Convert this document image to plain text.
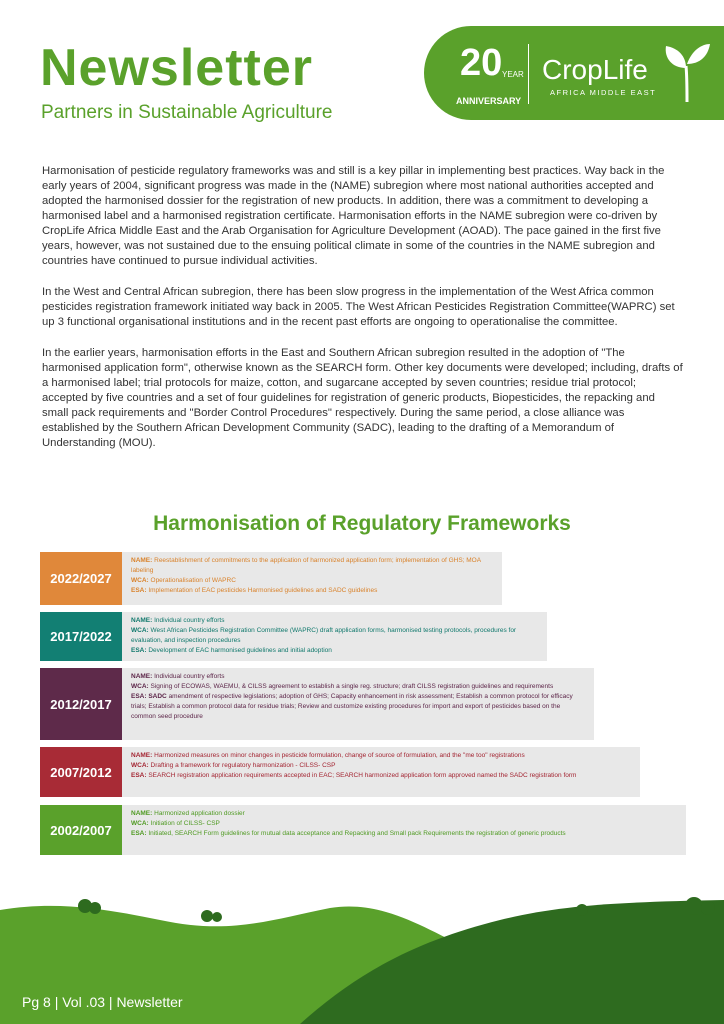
Newsletter

Partners in Sustainable Agriculture

20 YEAR
ANNIVERSARY
CropLife
AFRICA MIDDLE EAST

Harmonisation of pesticide regulatory frameworks was and still is a key pillar in implementing best practices. Way back in the early years of 2004, significant progress was made in the (NAME) subregion where most national authorities accepted and adopted the harmonised dossier for the registration of new products. In addition, there was a commitment to developing a harmonised label and a harmonised registration certificate. Harmonisation efforts in the NAME subregion were co-driven by CropLife Africa Middle East and the Arab Organisation for Agriculture Development (AOAD). The pace gained in the first five years, however, was not sustained due to the ensuing political climate in some of the countries in the NAME subregion and countries have continued to pursue individual activities.

In the West and Central African subregion, there has been slow progress in the implementation of the West Africa common pesticides registration framework initiated way back in 2005. The West African Pesticides Registration Committee(WAPRC) set up 3 functional organisational institutions and in the recent past efforts are ongoing to operationalise the committee.

In the earlier years, harmonisation efforts in the East and Southern African subregion resulted in the adoption of "The harmonised application form", otherwise known as the SEARCH form. Other key documents were developed; including, drafts of a harmonised label; trial protocols for maize, cotton, and sugarcane accepted by seven countries; residue trial protocol; accepted by five countries and a set of four guidelines for registration of generic products, Biopesticides, the repacking and small pack requirements and "Border Control Procedures" respectively. During the same period, a close alliance was established by the Southern African Development Community (SADC), leading to the drafting of a Memorandum of Understanding (MOU).

Harmonisation of Regulatory Frameworks
2022/2027
NAME: Reestablishment of commitments to the application of harmonized application form; implementation of GHS; MOA labeling
WCA: Operationalisation of WAPRC
ESA: Implementation of EAC pesticides Harmonised guidelines and SADC guidelines
2017/2022
NAME: Individual country efforts
WCA: West African Pesticides Registration Committee (WAPRC) draft application forms, harmonised testing protocols, procedures for evaluation, and inspection procedures
ESA: Development of EAC harmonised guidelines and initial adoption
2012/2017
NAME: Individual country efforts
WCA: Signing of ECOWAS, WAEMU, & CILSS agreement to establish a single reg. structure; draft CILSS registration guidelines and requirements
ESA: SADC amendment of respective legislations; adoption of GHS; Capacity enhancement in risk assessment; Establish a common protocol for efficacy trials; Establish a common protocol data for residue trials; Review and customize existing procedures for import and export of pesticides based on the common seed procedure
2007/2012
NAME: Harmonized measures on minor changes in pesticide formulation, change of source of formulation, and the "me too" registrations
WCA: Drafting a framework for regulatory harmonization - CILSS- CSP
ESA: SEARCH registration application requirements accepted in EAC; SEARCH harmonized application form approved named the SADC registration form
2002/2007
NAME: Harmonized application dossier
WCA: Initiation of CILSS- CSP
ESA: Initiated, SEARCH Form guidelines for mutual data acceptance and Repacking and Small pack Requirements the registration of generic products
Pg 8 | Vol .03 | Newsletter
